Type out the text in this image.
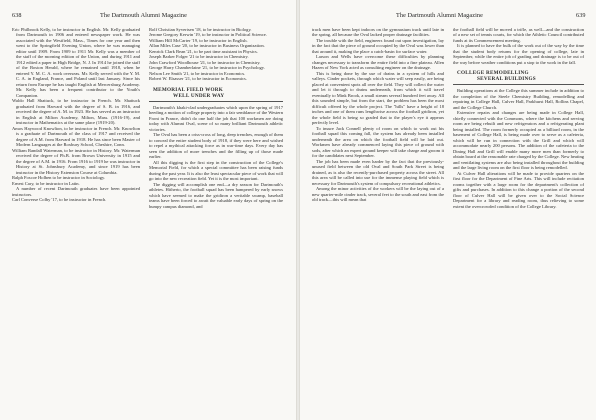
638	The Dartmouth Alumni Magazine

Eric Philbrook Kelly, to be instructor in English. Mr. Kelly graduated from Dartmouth in 1906 and entered newspaper work. He was associated with the Westfield, Mass., Times for one year and then went to the Springfield Evening Union, where he was managing editor until 1909. From 1909 to 1911 Mr. Kelly was a member of the staff of the morning edition of the Union, and during 1911 and 1912 edited a paper in High Bridge, N. J. In 1914 he joined the staff of the Boston Herald, where he remained until 1918, when he entered Y. M. C. A. work overseas. Mr. Kelly served with the Y. M. C. A. in England, France, and Poland until last January. Since his return from Europe he has taught English at Mercersburg Academy. Mr. Kelly has been a frequent contributor to the Youth's Companion.

Waldo Hall Shattuck, to be instructor in French. Mr. Shattuck graduated from Harvard with the degree of S. B. in 1916, and received the degree of A. M. in 1923. He has served as an instructor in English at Milton Academy, Milton, Mass. (1916-19), and instructor in Mathematics at the same place (1919-20).

Amos Haywood Knowlton, to be instructor in French. Mr. Knowlton is a graduate of Dartmouth of the class of 1917 and received the degree of A.M. from Harvard in 1918. He has since been Master of Modern Languages at the Roxbury School, Cheshire, Conn.

William Randall Waterman, to be instructor in History. Mr. Waterman received the degree of Ph.B. from Brown University in 1915 and the degree of A.M. in 1916. From 1916 to 1919 he was instructor in History at St. Johnsbury Academy, and since 1919 has been instructor in the History Extension Course at Columbia.

Ralph Foscoe Holben to be instructor in Sociology.

Ernest Cary, to be instructor in Latin.

A number of recent Dartmouth graduates have been appointed instructors.

Carl Converse Colby '17, to be instructor in French.

Rolf Christian Syvertsen '18, to be instructor in Biology.

Jerome Gregory Kerwin '19, to be instructor in Political Science.

William Hill McCarter '19, to be instructor in English.

Allan Miles Case '20, to be instructor in Business Organization.

Kenrick Clark Bean '21, to be part time assistant in Physics.

Joseph Barker Folger '21 to be instructor in Chemistry.

John Crawford Woodhouse '21, to be instructor in Chemistry.

George Harry Chamberlaine '21, to be instructor in Psychology.

Nelson Lee Smith '21, to be instructor in Economics.

Robert W. Elsasser '21, to be instructor in Economics.

MEMORIAL FIELD WORK

WELL UNDER WAY

Dartmouth's khaki-clad undergraduates which upon the spring of 1917 heeding a motion of college property into a fair semblance of the Western Front in France, didn't do one half the job that 100 workmen are doing today with Alumni Oval, scene of so many brilliant Dartmouth athletic victories.

The Oval has been a criss-cross of long, deep trenches, enough of them to conceal the entire student body of 1918, if they were here and wished to repel a mythical attacking force as in war-time days. Every day has seen the addition of more trenches and the filling up of those made earlier.

All this digging is the first step in the construction of the College's Memorial Field, for which a special committee has been raising funds during the past year. It is also the least spectacular piece of work that will go into the new recreation field. Yet it is the most important.

The digging will accomplish one end—a dry season for Dartmouth's athletes. Hitherto, the football squad has been hampered by early snows which have seemed to make the gridiron a veritable swamp, baseball teams have been forced to await the valuable early days of spring on the bumpy campus diamond, and

The Dartmouth Alumni Magazine	639

track men have been kept indoors on the gymnasium track until late in the spring, all because the Oval lacked proper drainage facilities.

The trouble with the field, engineers found out upon investigation, lay in the fact that the piece of ground occupied by the Oval was lower than that around it, making the place a catch-basin for surface water.

Larson and Wells have overcome these difficulties by planning changes necessary to transform the entire field into a fine plateau. Allen Hazen of New York acted as consulting engineer on the drainage.

This is being done by the use of drains in a system of hills and valleys. Cinder pockets, through which water will seep easily, are being placed at convenient spots all over the field. They will collect the water and let it through to drains underneath, from which it will travel eventually to Mink Brook, a small stream several hundred feet away. All this sounded simple, but from the start, the problem has been the most difficult offered by the whole project. The "hills" have a height of 18 inches and one of them runs lengthwise across the football gridiron, yet the whole field is being so graded that to the player's eye it appears perfectly level.

To insure Jack Connell plenty of room on which to work out his football squad this coming fall, the system has already been installed underneath the area on which the football field will be laid out. Workmen have already commenced laying this piece of ground with sods, after which an expert ground keeper will take charge and groom it for the candidates next September.

The job has been made even harder by the fact that the previously-unused field between the old Oval and South Park Street is being drained, as is also the recently-purchased property across the street. All this area will be called into use for the immense playing field which is necessary for Dartmouth's system of compulsory recreational athletics.

Among the minor activities of the workers will be the laying out of a new quarter-mile cinder track, several feet to the south and east from the old track—this will mean that

the football field will be moved a trifle, as well—and the construction of a new set of tennis courts, for which the Athletic Council contributed funds at its Commencement meeting.

It is planned to have the bulk of the work out of the way by the time that the student body returns for the opening of college, late in September, while the entire job of grading and drainage is to be out of the way before weather conditions put a stop to the work in the fall.

COLLEGE REMODELLING

SEVERAL BUILDINGS

Building operations at the College this summer include in addition to the completion of the Steele Chemistry Building, remodelling and repairing in College Hall, Culver Hall, Parkhurst Hall, Rollins Chapel, and the College Church.

Extensive repairs and changes are being made in College Hall, chiefly connected with the Commons, where the kitchens and serving room are being rebuilt and new refrigerators and a refrigerating plant being installed. The room formerly occupied as a billiard room, in the basement of College Hall, is being made over to serve as a cafeteria, which will be run in connection with the Grill and which will accommodate nearly 200 persons. The addition of the cafeteria to the Dining Hall and Grill will enable many more men than formerly to obtain board at the reasonable rate charged by the College. New heating and ventilating systems are also being installed throughout the building and the large living room on the first floor is being remodelled.

At Culver Hall alterations will be made to provide quarters on the first floor for the Department of Fine Arts. This will include recitation rooms together with a large room for the department's collection of gifts and purchases. In addition to this change a portion of the second floor of Culver Hall will be given over to the Social Science Department for a library and reading room, thus relieving to some extent the overcrowded condition of the College Library.
